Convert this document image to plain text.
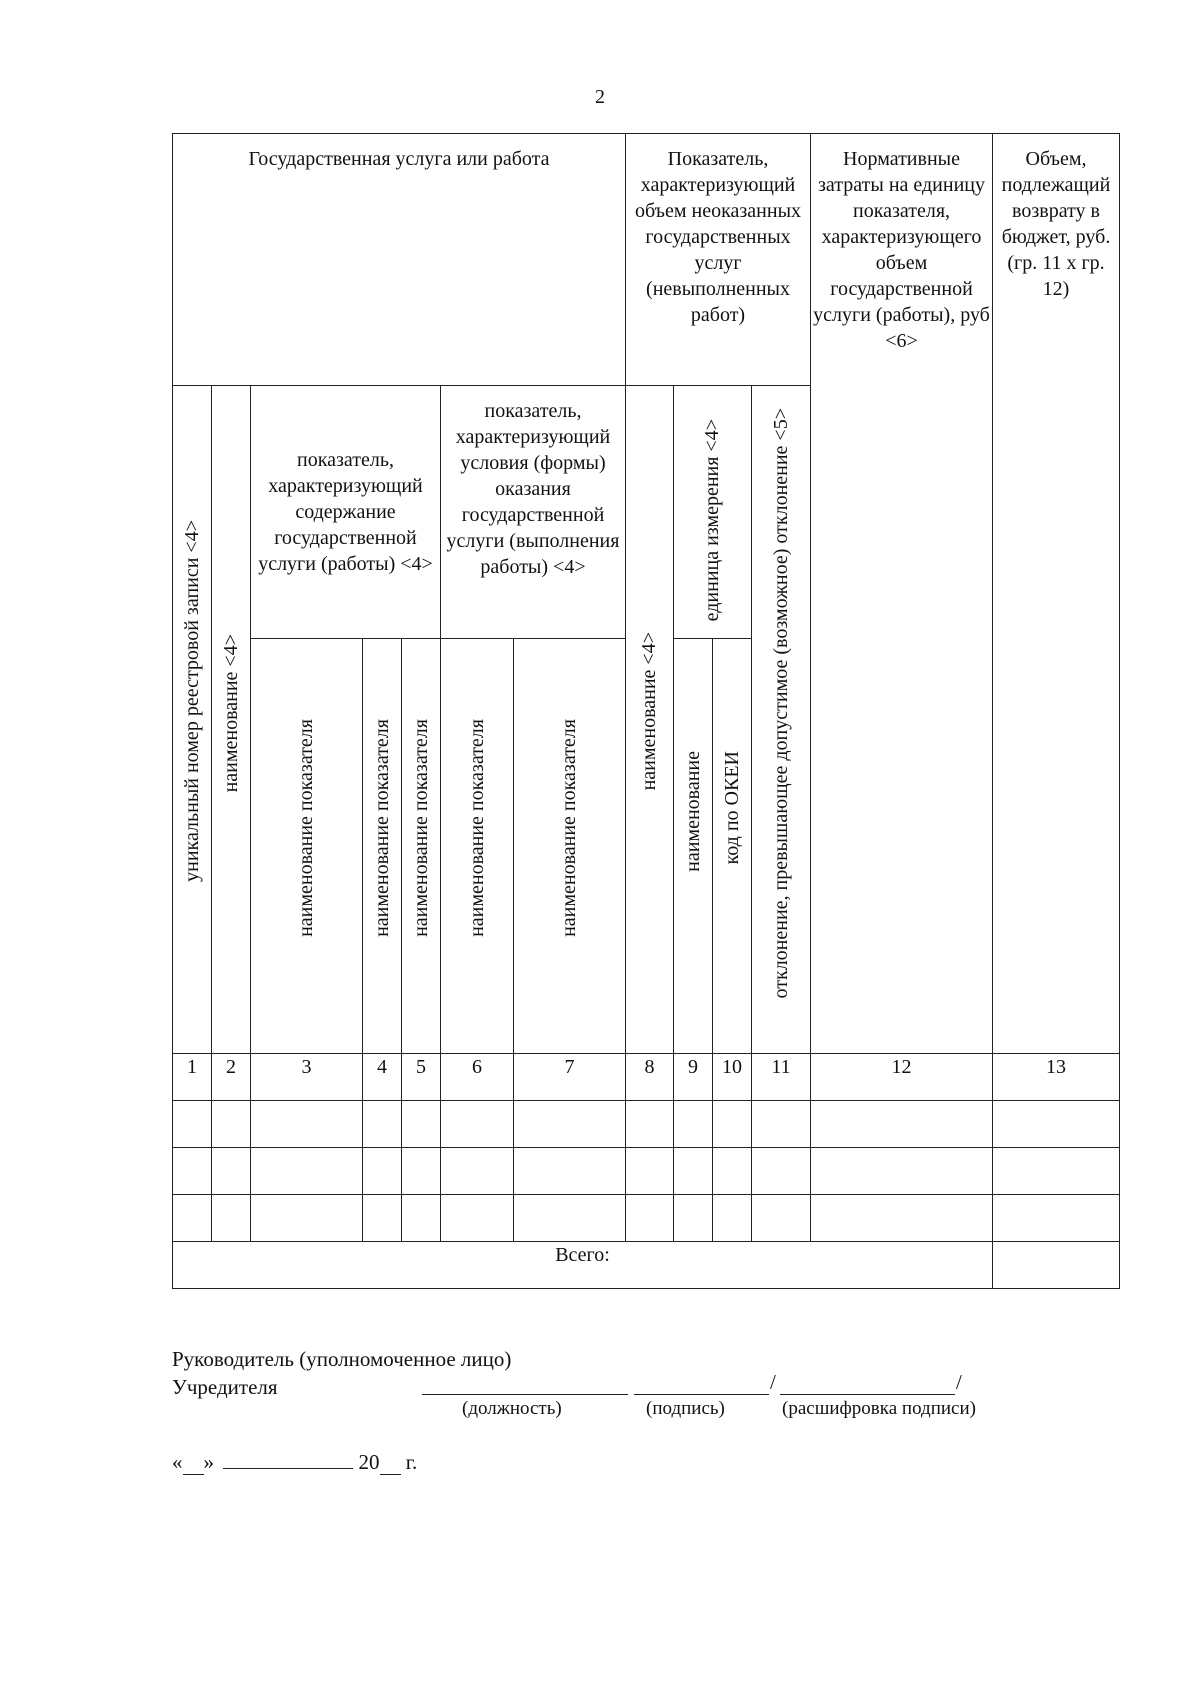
2
Государственная услуга или работа							Показатель, характеризующий объем неоказанных государственных услуг (невыполненных работ)				Нормативные затраты на единицу показателя, характеризующего объем государственной услуги (работы), руб <6>	Объем, подлежащий возврату в бюджет, руб. (гр. 11 х гр. 12)
уникальный номер реестровой записи <4>	наименование <4>	показатель, характеризующий содержание государственной услуги (работы) <4>			показатель, характеризующий условия (формы) оказания государственной услуги (выполнения работы) <4>		наименование <4>	единица измерения <4>		отклонение, превышающее допустимое (возможное) отклонение <5>		
		наименование показателя	наименование показателя	наименование показателя	наименование показателя	наименование показателя		наименование	код по ОКЕИ			
1	2	3	4	5	6	7	8	9	10	11	12	13

Всего:												
Руководитель (уполномоченное лицо)
Учредителя	/	/
(должность)	(подпись)	(расшифровка подписи)
« »	20 г.
